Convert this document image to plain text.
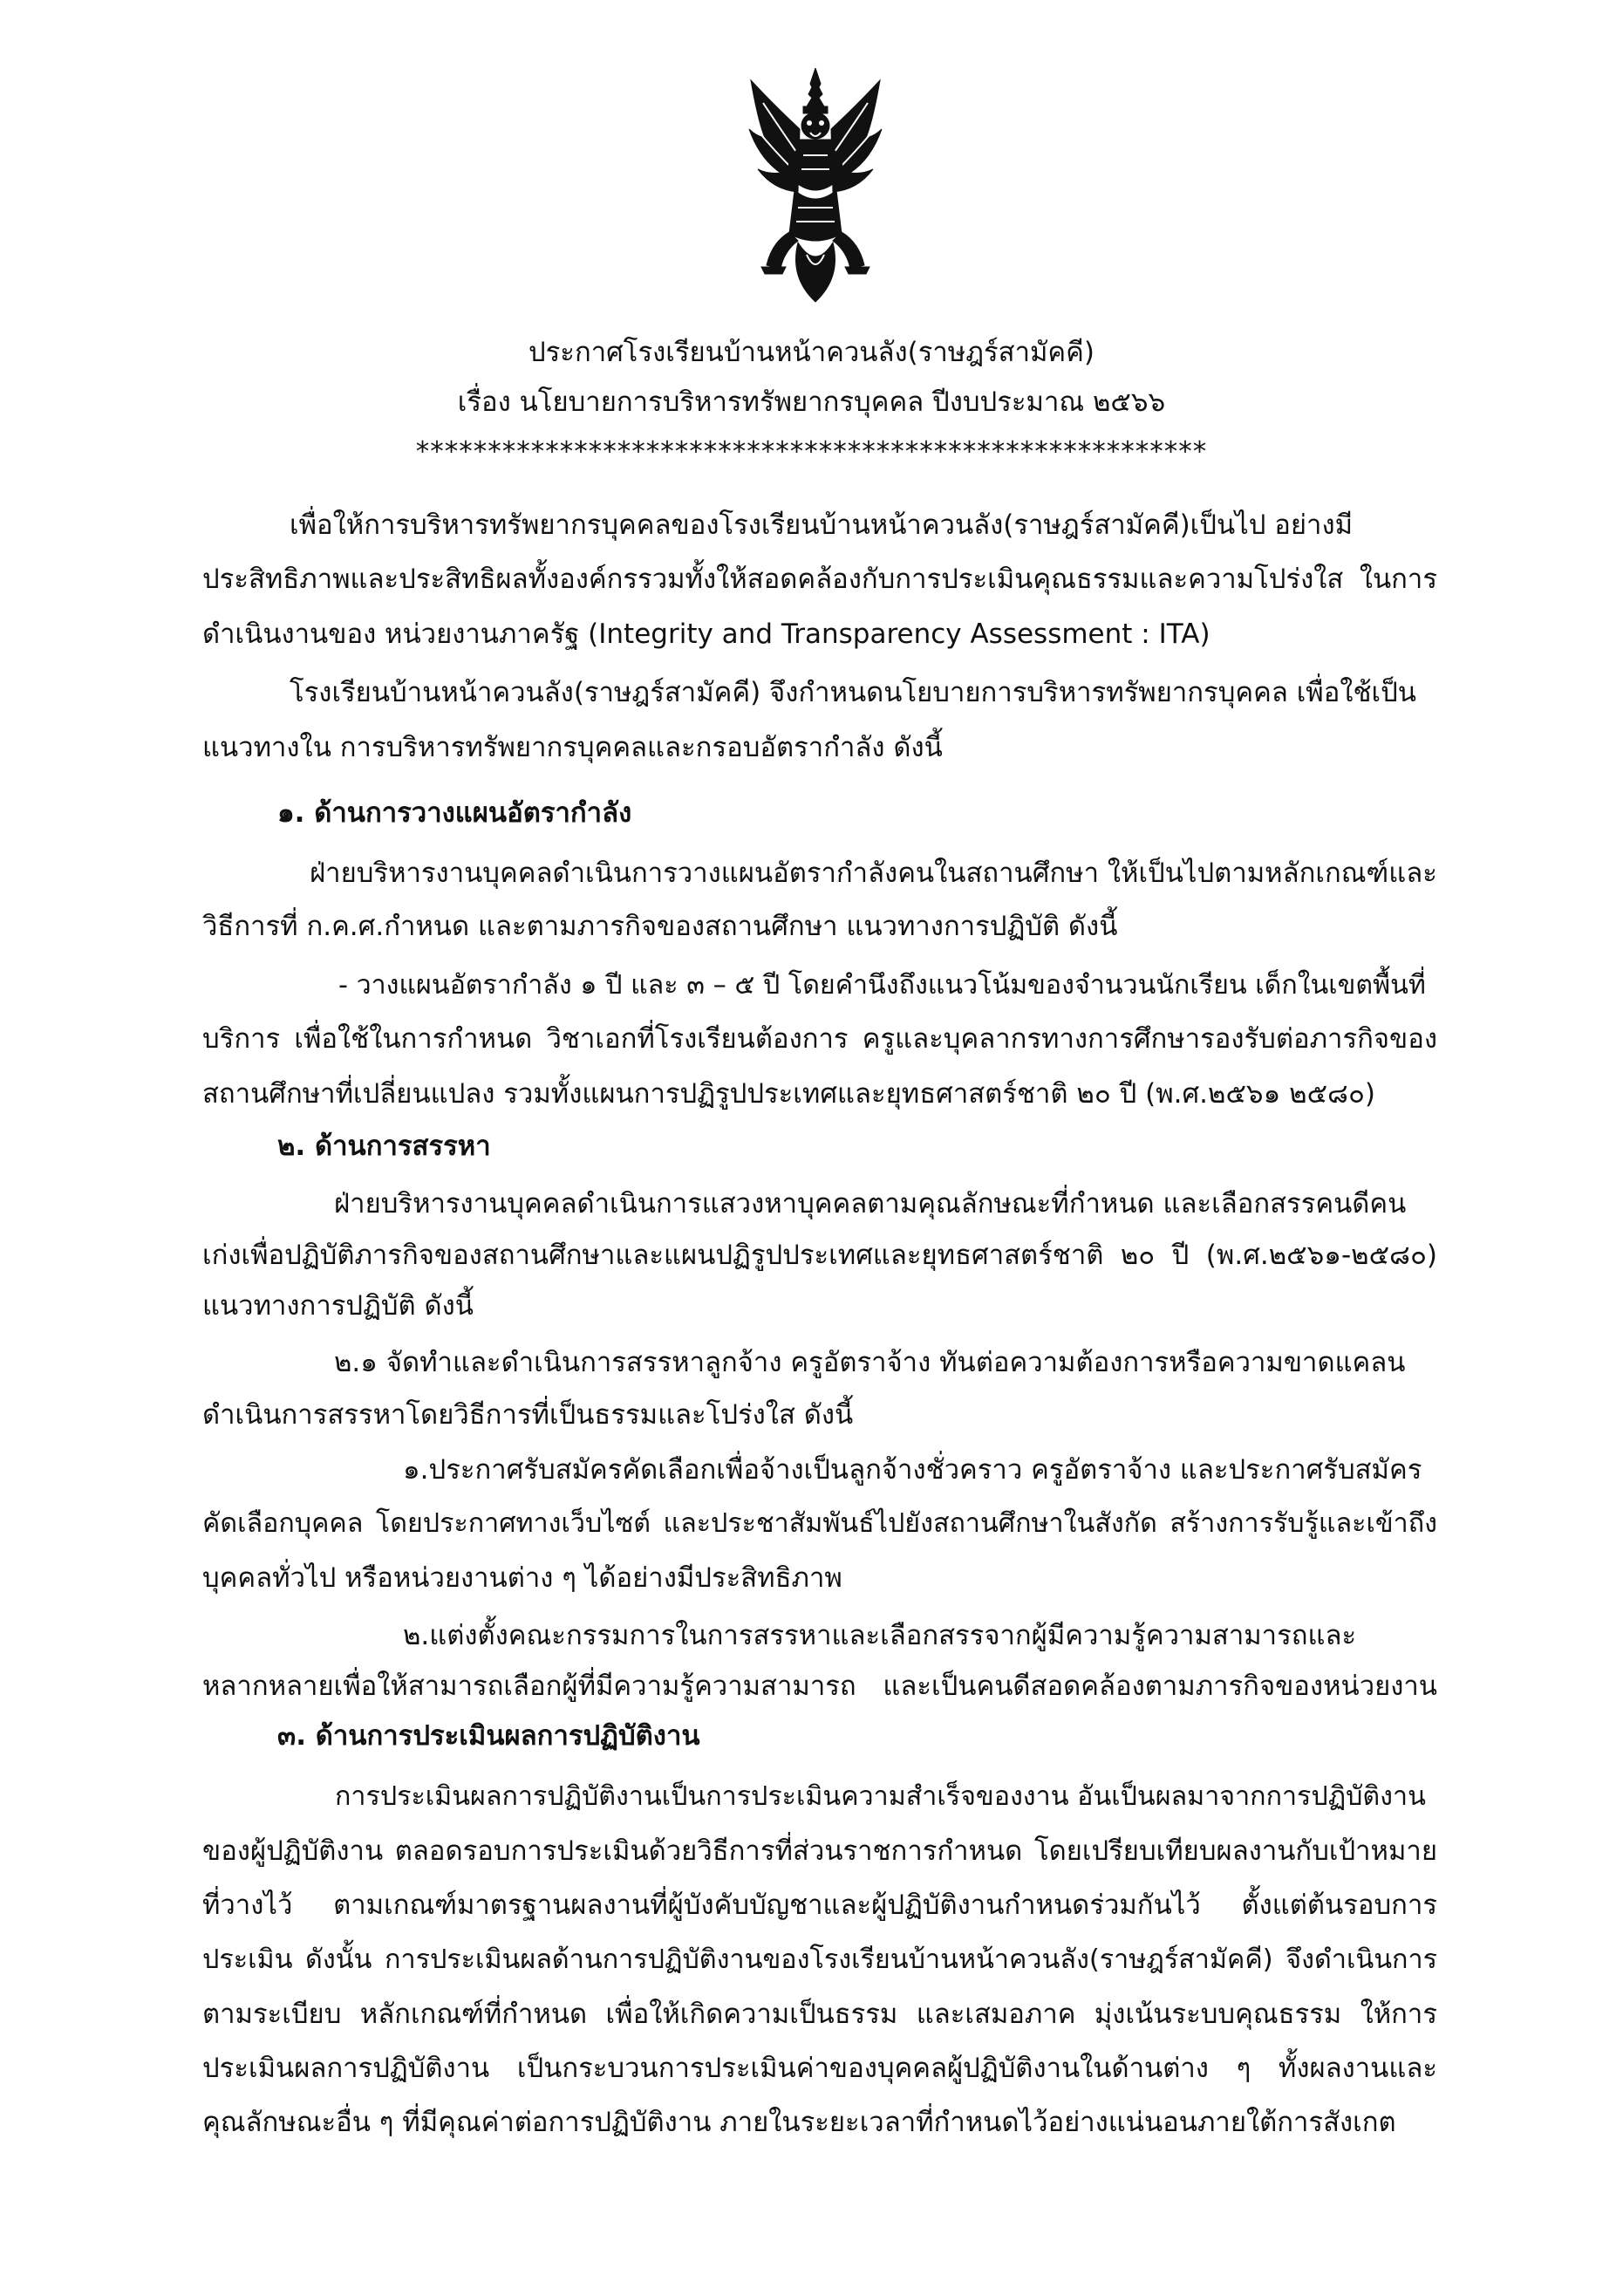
ประกาศโรงเรียนบ้านหน้าควนลัง(ราษฎร์สามัคคี)
เรื่อง นโยบายการบริหารทรัพยากรบุคคล ปีงบประมาณ ๒๕๖๖
*******************************************************
เพื่อให้การบริหารทรัพยากรบุคคลของโรงเรียนบ้านหน้าควนลัง(ราษฎร์สามัคคี)เป็นไป อย่างมี
ประสิทธิภาพและประสิทธิผลทั้งองค์กรรวมทั้งให้สอดคล้องกับการประเมินคุณธรรมและความโปร่งใส ในการ
ดำเนินงานของ หน่วยงานภาครัฐ (Integrity and Transparency Assessment : ITA)
โรงเรียนบ้านหน้าควนลัง(ราษฎร์สามัคคี) จึงกำหนดนโยบายการบริหารทรัพยากรบุคคล เพื่อใช้เป็น
แนวทางใน การบริหารทรัพยากรบุคคลและกรอบอัตรากำลัง ดังนี้
๑. ด้านการวางแผนอัตรากำลัง
ฝ่ายบริหารงานบุคคลดำเนินการวางแผนอัตรากำลังคนในสถานศึกษา ให้เป็นไปตามหลักเกณฑ์และ
วิธีการที่ ก.ค.ศ.กำหนด และตามภารกิจของสถานศึกษา แนวทางการปฏิบัติ ดังนี้
- วางแผนอัตรากำลัง ๑ ปี และ ๓ – ๕ ปี โดยคำนึงถึงแนวโน้มของจำนวนนักเรียน เด็กในเขตพื้นที่
บริการ เพื่อใช้ในการกำหนด วิชาเอกที่โรงเรียนต้องการ ครูและบุคลากรทางการศึกษารองรับต่อภารกิจของ
สถานศึกษาที่เปลี่ยนแปลง รวมทั้งแผนการปฏิรูปประเทศและยุทธศาสตร์ชาติ ๒๐ ปี (พ.ศ.๒๕๖๑ ๒๕๘๐)
๒. ด้านการสรรหา
ฝ่ายบริหารงานบุคคลดำเนินการแสวงหาบุคคลตามคุณลักษณะที่กำหนด และเลือกสรรคนดีคน
เก่งเพื่อปฏิบัติภารกิจของสถานศึกษาและแผนปฏิรูปประเทศและยุทธศาสตร์ชาติ ๒๐ ปี (พ.ศ.๒๕๖๑-๒๕๘๐)
แนวทางการปฏิบัติ ดังนี้
๒.๑ จัดทำและดำเนินการสรรหาลูกจ้าง ครูอัตราจ้าง ทันต่อความต้องการหรือความขาดแคลน
ดำเนินการสรรหาโดยวิธีการที่เป็นธรรมและโปร่งใส ดังนี้
๑.ประกาศรับสมัครคัดเลือกเพื่อจ้างเป็นลูกจ้างชั่วคราว ครูอัตราจ้าง และประกาศรับสมัคร
คัดเลือกบุคคล โดยประกาศทางเว็บไซต์ และประชาสัมพันธ์ไปยังสถานศึกษาในสังกัด สร้างการรับรู้และเข้าถึง
บุคคลทั่วไป หรือหน่วยงานต่าง ๆ ได้อย่างมีประสิทธิภาพ
๒.แต่งตั้งคณะกรรมการในการสรรหาและเลือกสรรจากผู้มีความรู้ความสามารถและ
หลากหลายเพื่อให้สามารถเลือกผู้ที่มีความรู้ความสามารถ และเป็นคนดีสอดคล้องตามภารกิจของหน่วยงาน
๓. ด้านการประเมินผลการปฏิบัติงาน
การประเมินผลการปฏิบัติงานเป็นการประเมินความสำเร็จของงาน อันเป็นผลมาจากการปฏิบัติงาน
ของผู้ปฏิบัติงาน ตลอดรอบการประเมินด้วยวิธีการที่ส่วนราชการกำหนด โดยเปรียบเทียบผลงานกับเป้าหมาย
ที่วางไว้ ตามเกณฑ์มาตรฐานผลงานที่ผู้บังคับบัญชาและผู้ปฏิบัติงานกำหนดร่วมกันไว้ ตั้งแต่ต้นรอบการ
ประเมิน ดังนั้น การประเมินผลด้านการปฏิบัติงานของโรงเรียนบ้านหน้าควนลัง(ราษฎร์สามัคคี) จึงดำเนินการ
ตามระเบียบ หลักเกณฑ์ที่กำหนด เพื่อให้เกิดความเป็นธรรม และเสมอภาค มุ่งเน้นระบบคุณธรรม ให้การ
ประเมินผลการปฏิบัติงาน เป็นกระบวนการประเมินค่าของบุคคลผู้ปฏิบัติงานในด้านต่าง ๆ ทั้งผลงานและ
คุณลักษณะอื่น ๆ ที่มีคุณค่าต่อการปฏิบัติงาน ภายในระยะเวลาที่กำหนดไว้อย่างแน่นอนภายใต้การสังเกต
